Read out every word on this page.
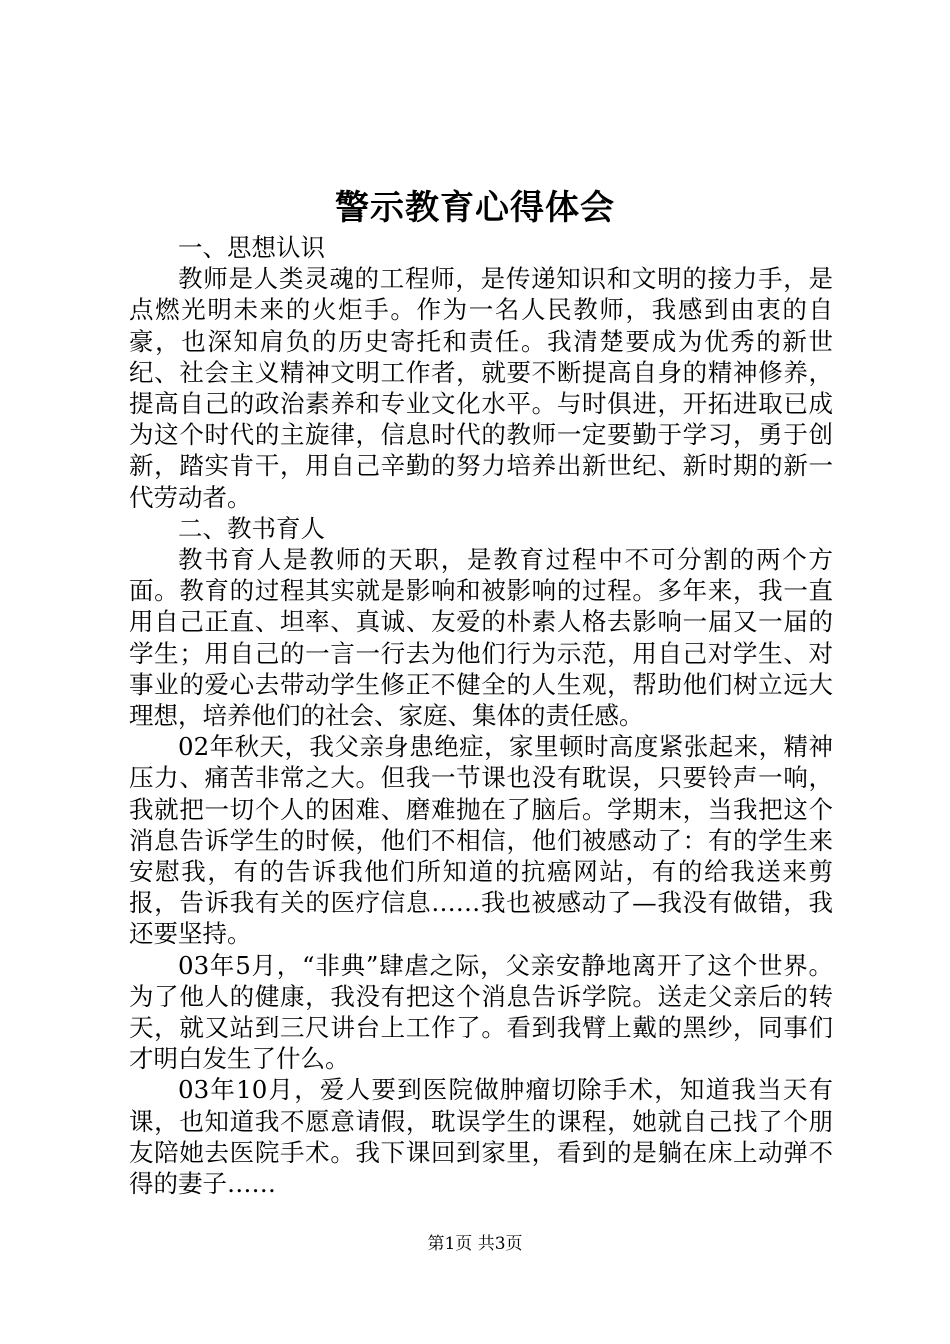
警示教育心得体会

一、思想认识

教师是人类灵魂的工程师，是传递知识和文明的接力手，是点燃光明未来的火炬手。作为一名人民教师，我感到由衷的自豪，也深知肩负的历史寄托和责任。我清楚要成为优秀的新世纪、社会主义精神文明工作者，就要不断提高自身的精神修养，提高自己的政治素养和专业文化水平。与时俱进，开拓进取已成为这个时代的主旋律，信息时代的教师一定要勤于学习，勇于创新，踏实肯干，用自己辛勤的努力培养出新世纪、新时期的新一代劳动者。

二、教书育人

教书育人是教师的天职，是教育过程中不可分割的两个方面。教育的过程其实就是影响和被影响的过程。多年来，我一直用自己正直、坦率、真诚、友爱的朴素人格去影响一届又一届的学生；用自己的一言一行去为他们行为示范，用自己对学生、对事业的爱心去带动学生修正不健全的人生观，帮助他们树立远大理想，培养他们的社会、家庭、集体的责任感。

02年秋天，我父亲身患绝症，家里顿时高度紧张起来，精神压力、痛苦非常之大。但我一节课也没有耽误，只要铃声一响，我就把一切个人的困难、磨难抛在了脑后。学期末，当我把这个消息告诉学生的时候，他们不相信，他们被感动了：有的学生来安慰我，有的告诉我他们所知道的抗癌网站，有的给我送来剪报，告诉我有关的医疗信息……我也被感动了—我没有做错，我还要坚持。

03年5月，“非典”肆虐之际，父亲安静地离开了这个世界。为了他人的健康，我没有把这个消息告诉学院。送走父亲后的转天，就又站到三尺讲台上工作了。看到我臂上戴的黑纱，同事们才明白发生了什么。

03年10月，爱人要到医院做肿瘤切除手术，知道我当天有课，也知道我不愿意请假，耽误学生的课程，她就自己找了个朋友陪她去医院手术。我下课回到家里，看到的是躺在床上动弹不得的妻子……

第1页 共3页
